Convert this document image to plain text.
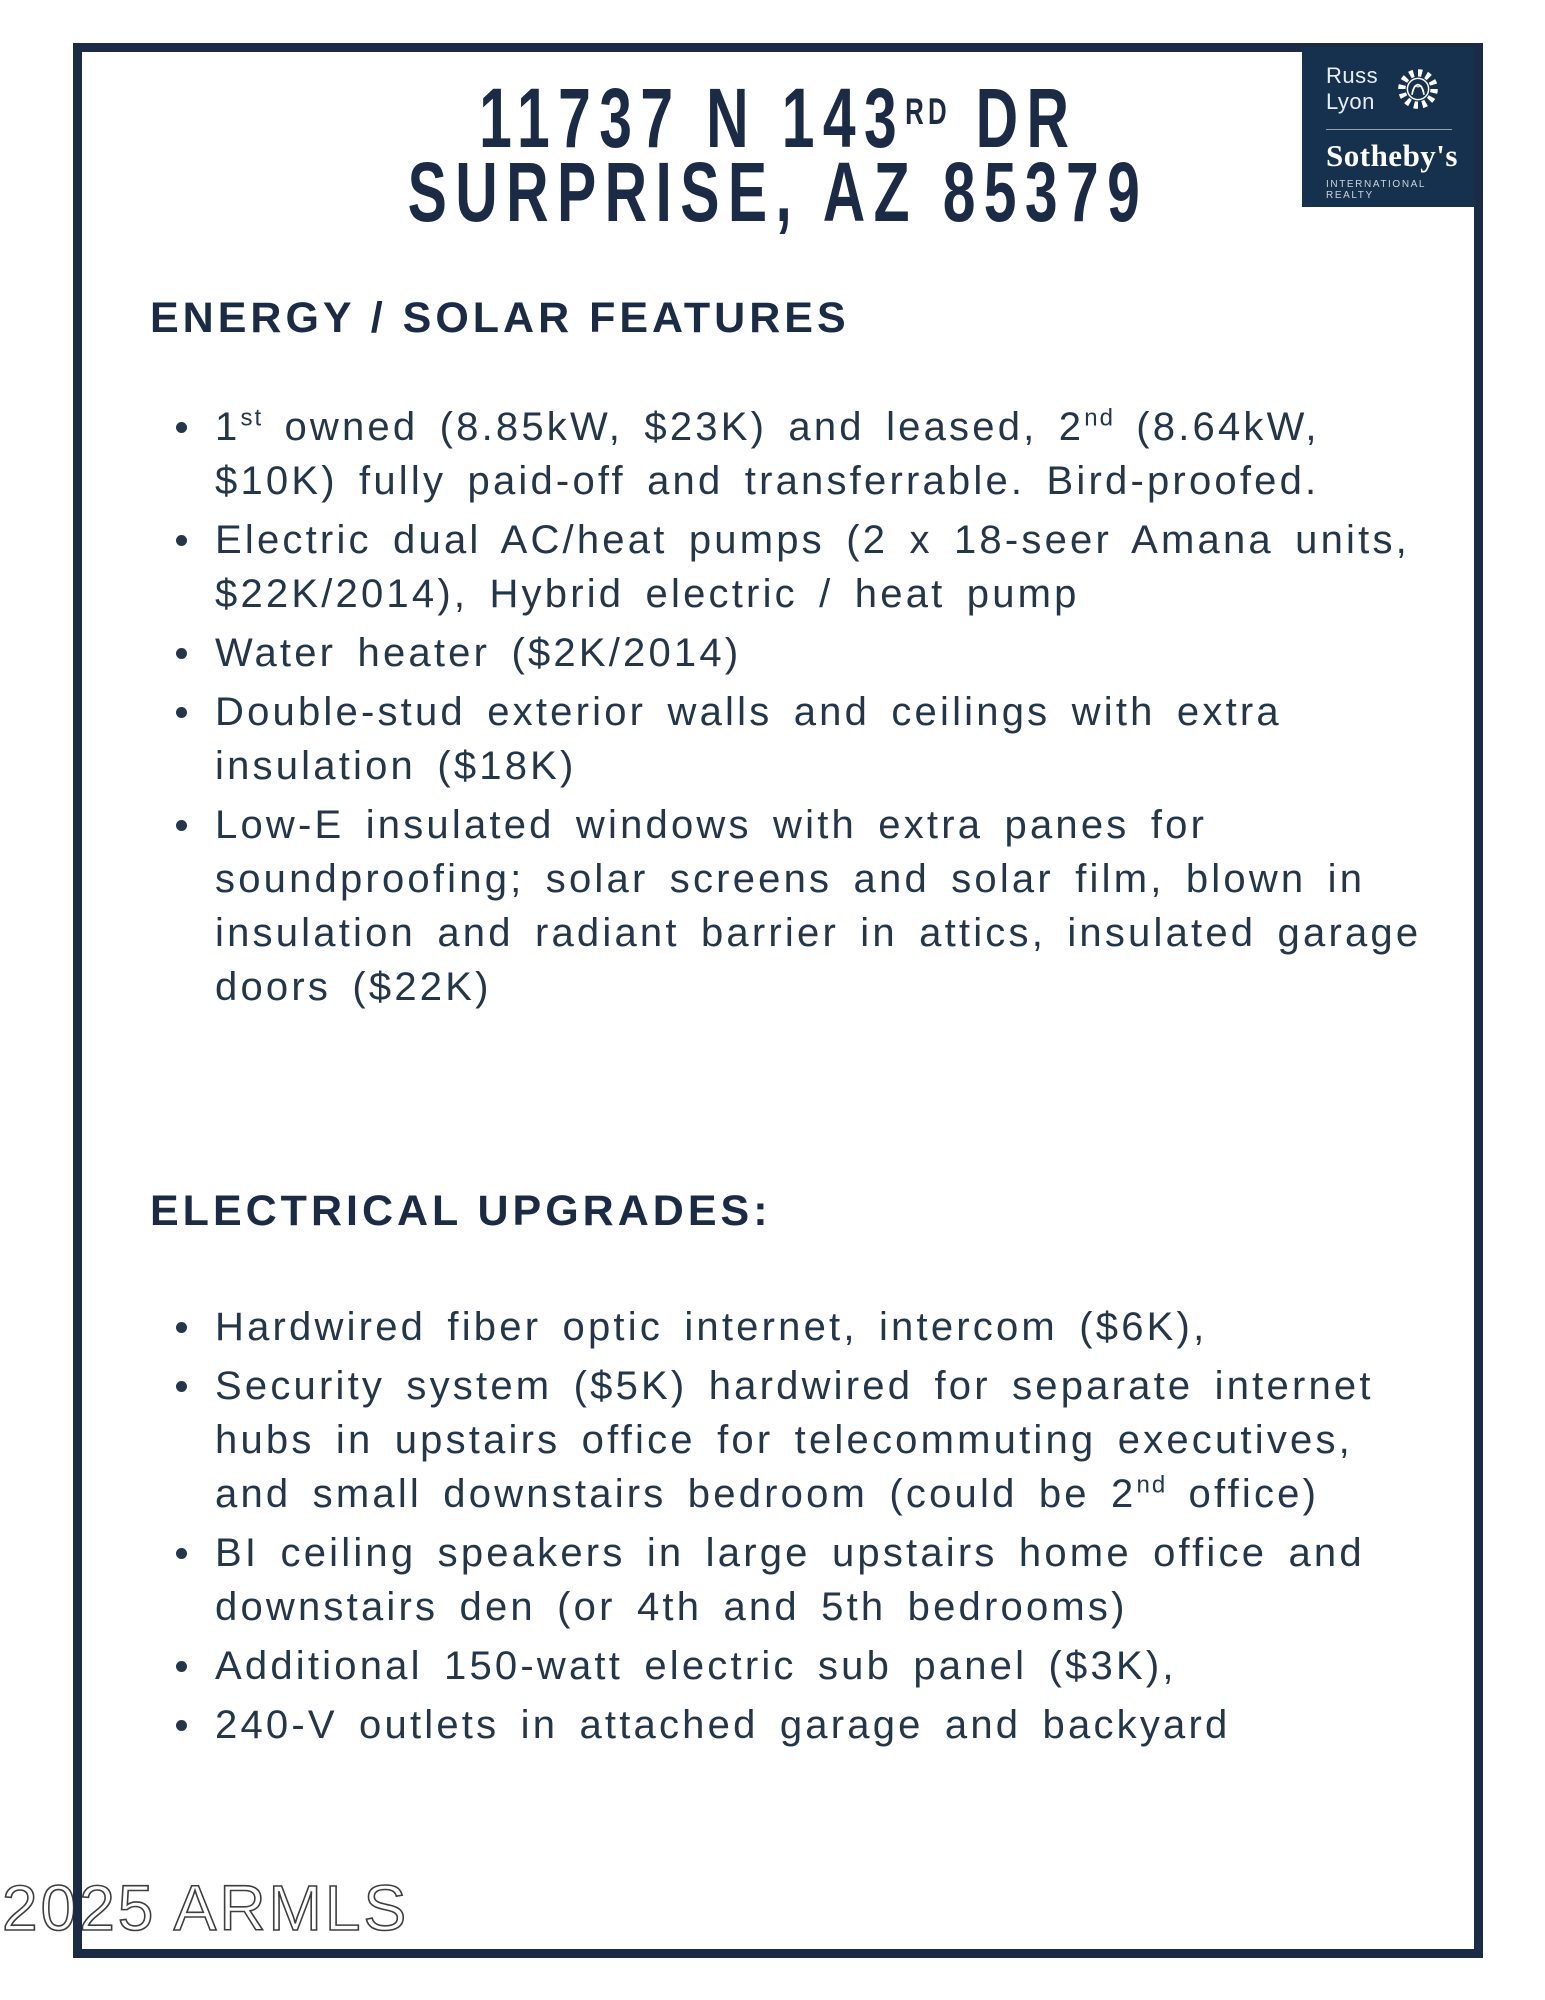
11737 N 143RD DR
SURPRISE, AZ 85379
Russ
Lyon
Sotheby's
INTERNATIONAL REALTY
ENERGY / SOLAR FEATURES
1st owned (8.85kW, $23K) and leased, 2nd (8.64kW, $10K) fully paid-off and transferrable. Bird-proofed.
Electric dual AC/heat pumps (2 x 18-seer Amana units, $22K/2014), Hybrid electric / heat pump
Water heater ($2K/2014)
Double-stud exterior walls and ceilings with extra insulation ($18K)
Low-E insulated windows with extra panes for soundproofing; solar screens and solar film, blown in insulation and radiant barrier in attics, insulated garage doors ($22K)
ELECTRICAL UPGRADES:
Hardwired fiber optic internet, intercom ($6K),
Security system ($5K) hardwired for separate internet hubs in upstairs office for telecommuting executives, and small downstairs bedroom (could be 2nd office)
BI ceiling speakers in large upstairs home office and downstairs den (or 4th and 5th bedrooms)
Additional 150-watt electric sub panel ($3K),
240-V outlets in attached garage and backyard
2025 ARMLS
